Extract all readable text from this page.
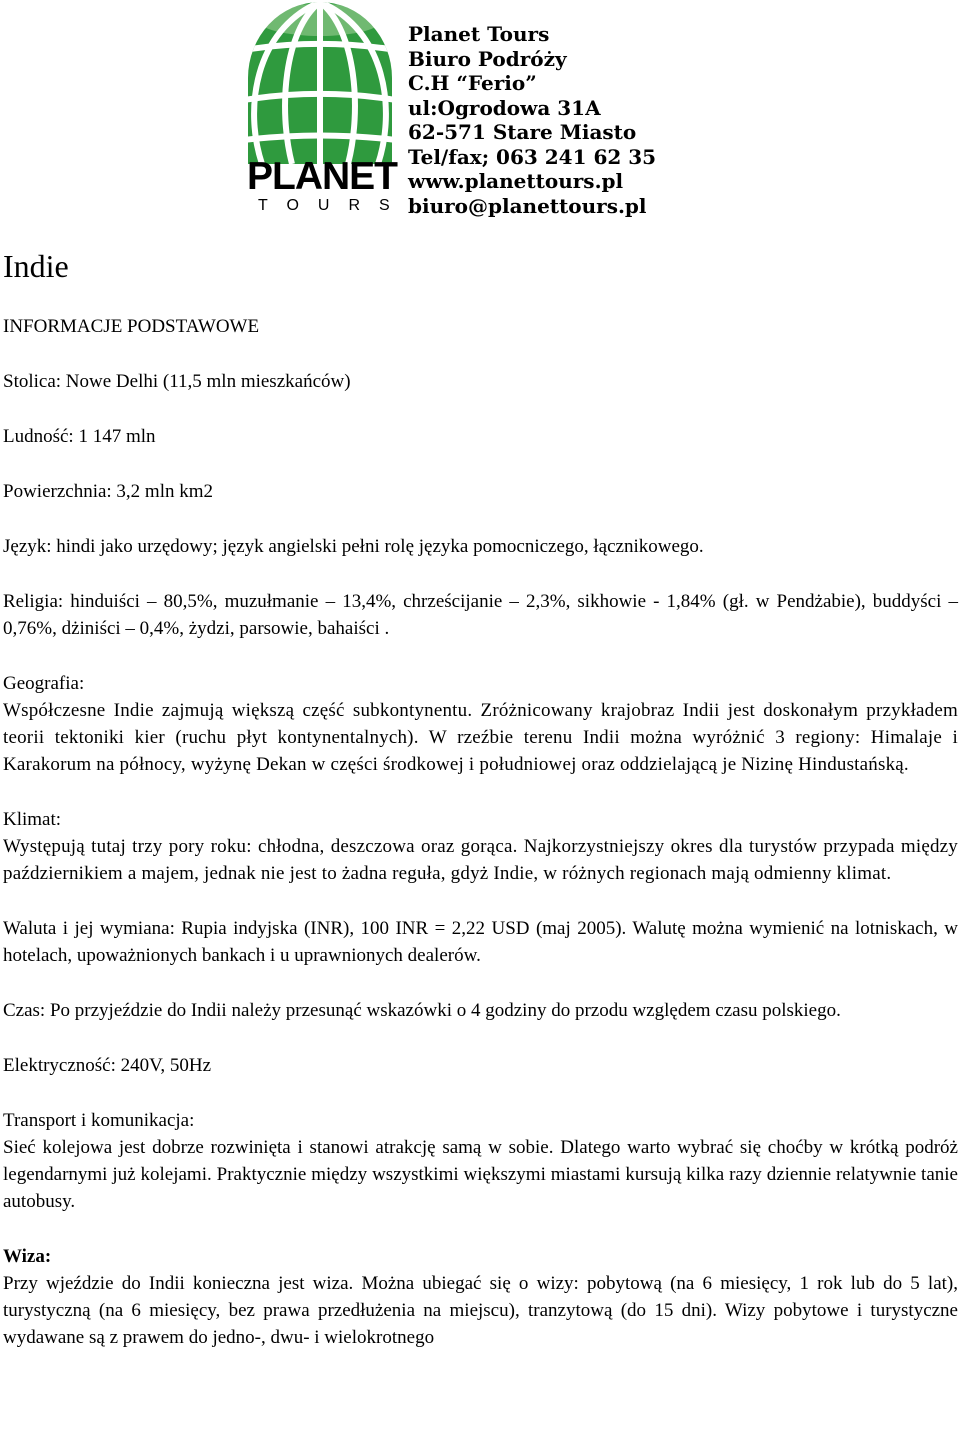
PLANET
TOURS
Planet Tours
Biuro Podróży
C.H “Ferio”
ul:Ogrodowa 31A
62-571 Stare Miasto
Tel/fax; 063 241 62 35
www.planettours.pl
biuro@planettours.pl
Indie

INFORMACJE PODSTAWOWE

Stolica: Nowe Delhi (11,5 mln mieszkańców)

Ludność: 1 147 mln

Powierzchnia: 3,2 mln km2

Język: hindi jako urzędowy; język angielski pełni rolę języka pomocniczego, łącznikowego.

Religia: hinduiści – 80,5%, muzułmanie – 13,4%, chrześcijanie – 2,3%, sikhowie - 1,84% (gł. w Pendżabie), buddyści – 0,76%, dżiniści – 0,4%, żydzi, parsowie, bahaiści .

Geografia:

Współczesne Indie zajmują większą część subkontynentu. Zróżnicowany krajobraz Indii jest doskonałym przykładem teorii tektoniki kier (ruchu płyt kontynentalnych). W rzeźbie terenu Indii można wyróżnić 3 regiony: Himalaje i Karakorum na północy, wyżynę Dekan w części środkowej i południowej oraz oddzielającą je Nizinę Hindustańską.

Klimat:

Występują tutaj trzy pory roku: chłodna, deszczowa oraz gorąca. Najkorzystniejszy okres dla turystów przypada między październikiem a majem, jednak nie jest to żadna reguła, gdyż Indie, w różnych regionach mają odmienny klimat.

Waluta i jej wymiana: Rupia indyjska (INR), 100 INR = 2,22 USD (maj 2005). Walutę można wymienić na lotniskach, w hotelach, upoważnionych bankach i u uprawnionych dealerów.

Czas: Po przyjeździe do Indii należy przesunąć wskazówki o 4 godziny do przodu względem czasu polskiego.

Elektryczność: 240V, 50Hz

Transport i komunikacja:

Sieć kolejowa jest dobrze rozwinięta i stanowi atrakcję samą w sobie. Dlatego warto wybrać się choćby w krótką podróż legendarnymi już kolejami. Praktycznie między wszystkimi większymi miastami kursują kilka razy dziennie relatywnie tanie autobusy.

Wiza:

Przy wjeździe do Indii konieczna jest wiza. Można ubiegać się o wizy: pobytową (na 6 miesięcy, 1 rok lub do 5 lat), turystyczną (na 6 miesięcy, bez prawa przedłużenia na miejscu), tranzytową (do 15 dni). Wizy pobytowe i turystyczne wydawane są z prawem do jedno-, dwu- i wielokrotnego
